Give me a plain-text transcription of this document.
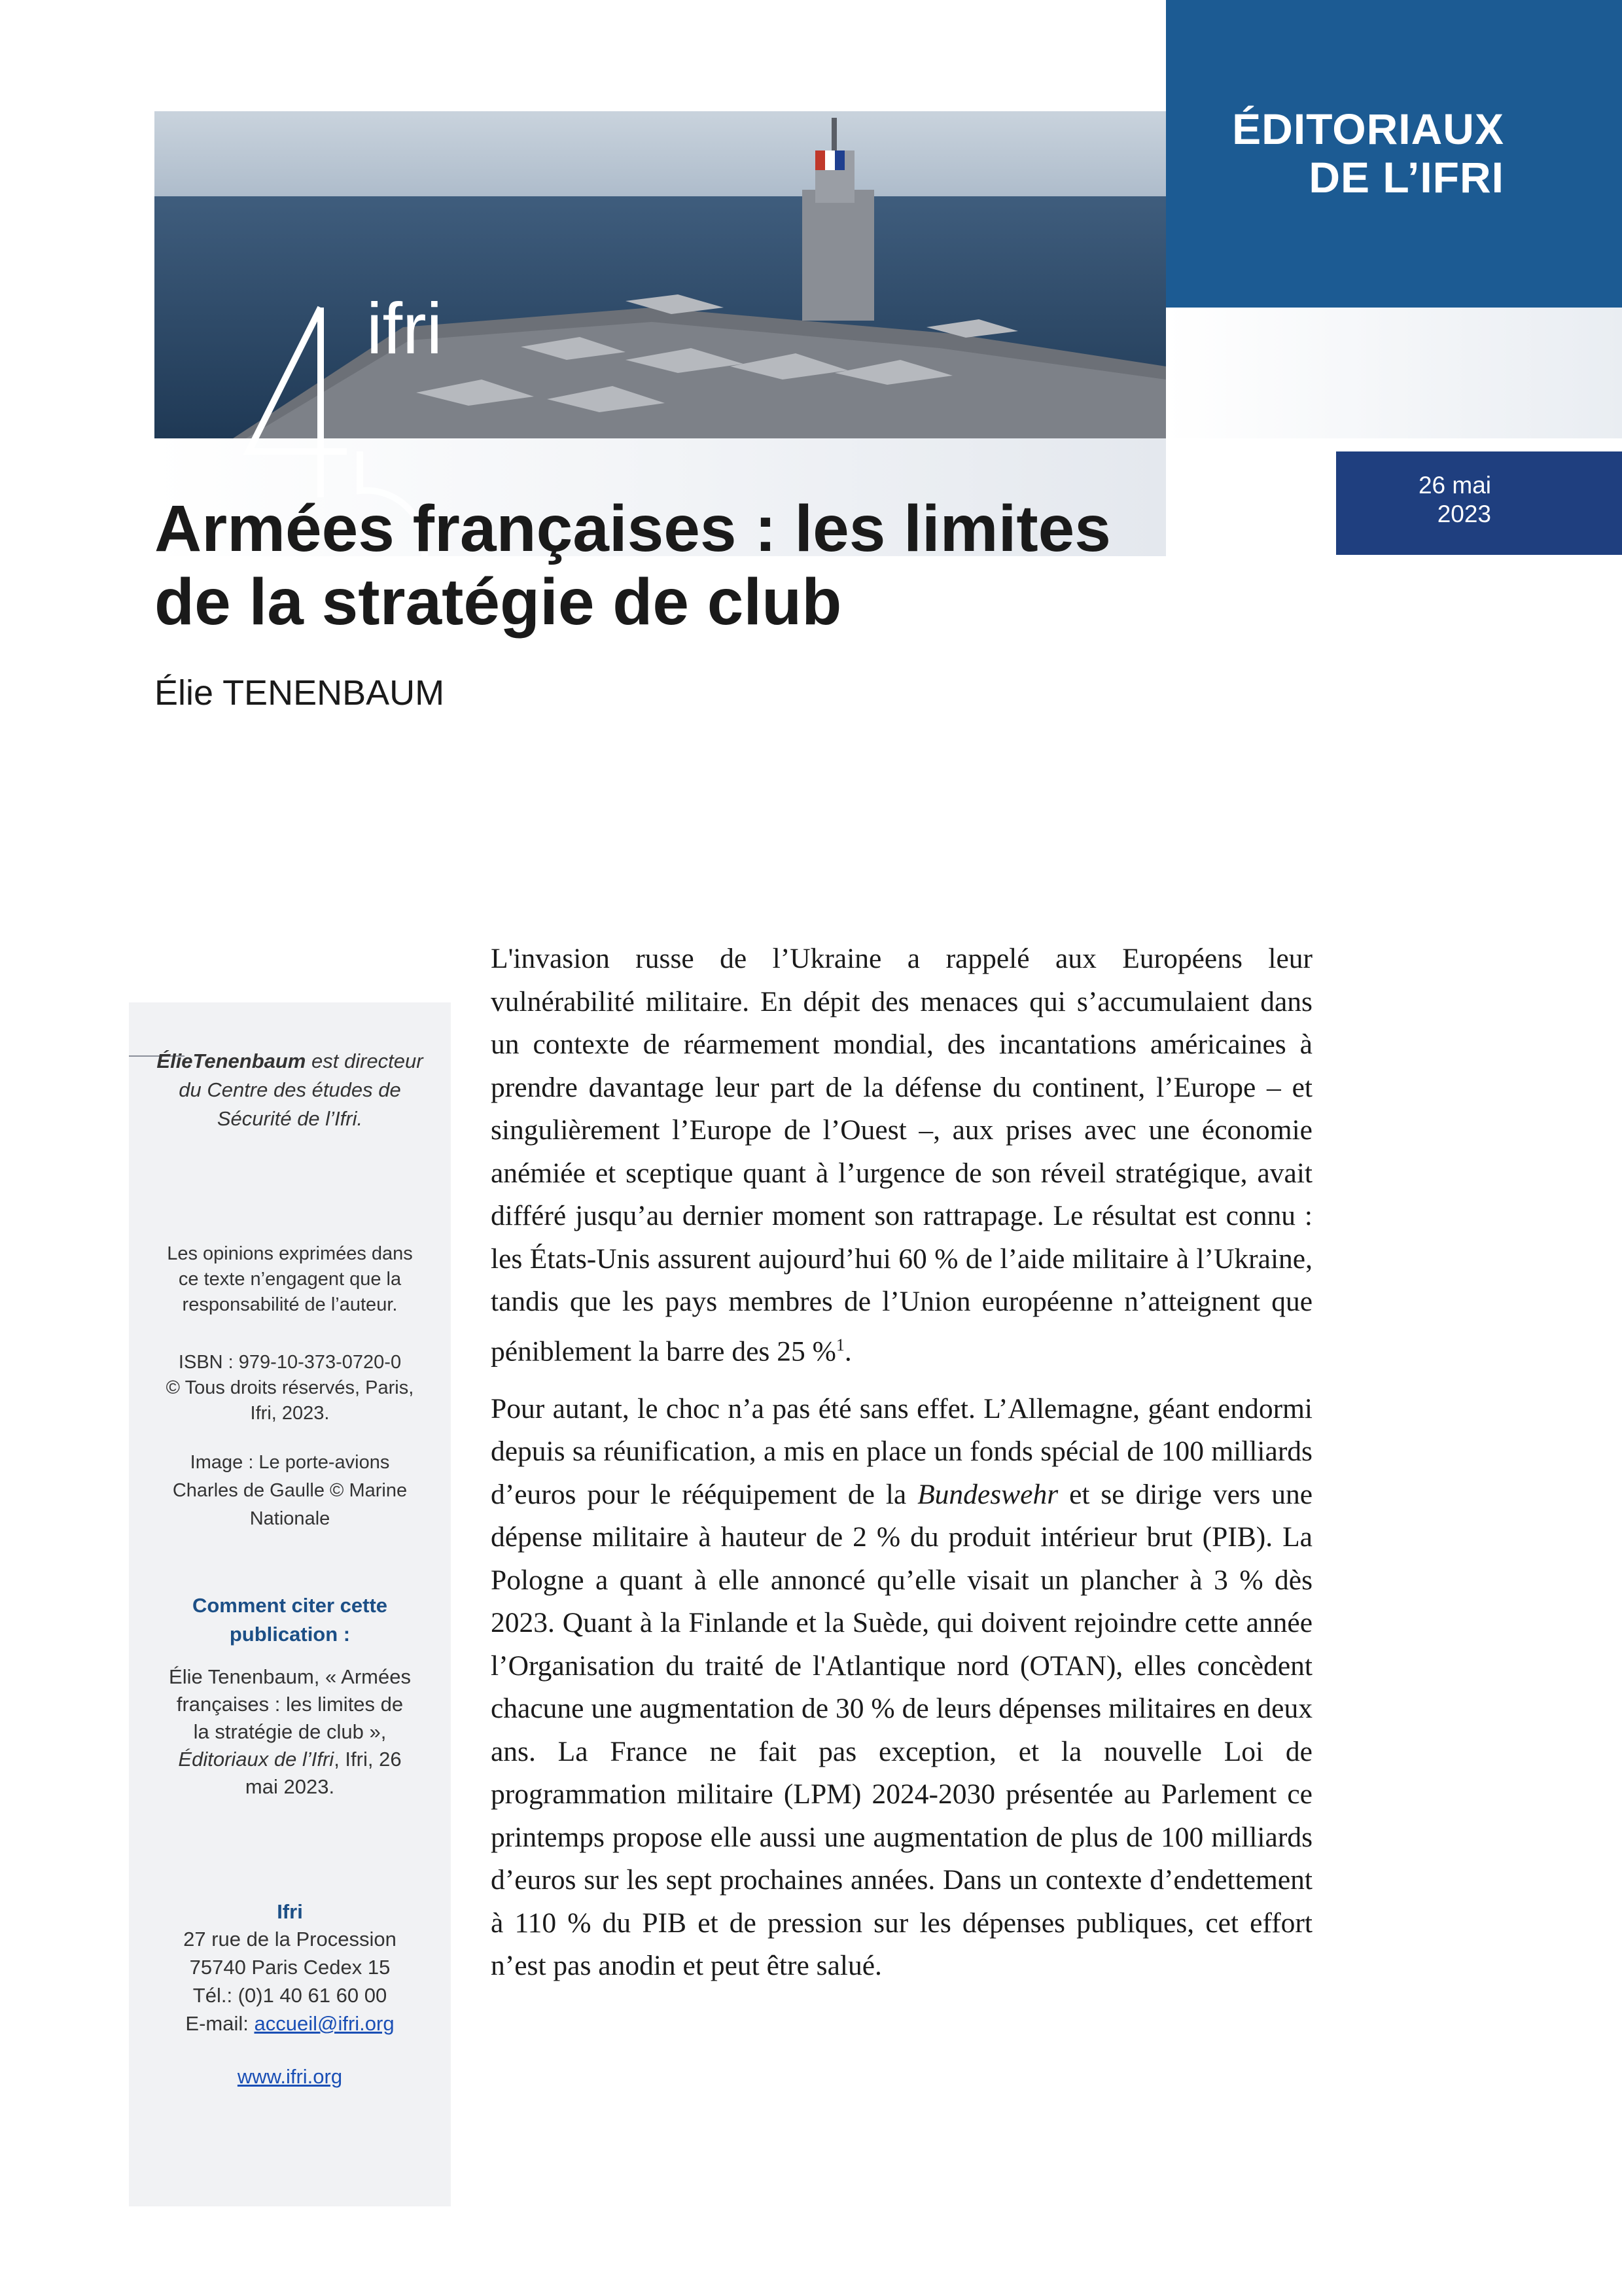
ifri
ÉDITORIAUX
DE L’IFRI
26 mai
2023
Armées françaises : les limites
de la stratégie de club
Élie TENENBAUM
ÉlieTenenbaum est directeur du Centre des études de Sécurité de l’Ifri.
Les opinions exprimées dans ce texte n’engagent que la responsabilité de l’auteur.
ISBN : 979-10-373-0720-0
© Tous droits réservés, Paris, Ifri, 2023.
Image : Le porte-avions Charles de Gaulle © Marine Nationale
Comment citer cette publication :
Élie Tenenbaum, « Armées françaises : les limites de la stratégie de club », Éditoriaux de l’Ifri, Ifri, 26 mai 2023.
Ifri
27 rue de la Procession
75740 Paris Cedex 15
Tél.: (0)1 40 61 60 00
E-mail: accueil@ifri.org
www.ifri.org

L'invasion russe de l’Ukraine a rappelé aux Européens leur vulnérabilité militaire. En dépit des menaces qui s’accumulaient dans un contexte de réarmement mondial, des incantations américaines à prendre davantage leur part de la défense du continent, l’Europe – et singulièrement l’Europe de l’Ouest –, aux prises avec une économie anémiée et sceptique quant à l’urgence de son réveil stratégique, avait différé jusqu’au dernier moment son rattrapage. Le résultat est connu : les États-Unis assurent aujourd’hui 60 % de l’aide militaire à l’Ukraine, tandis que les pays membres de l’Union européenne n’atteignent que péniblement la barre des 25 %$^1$.

Pour autant, le choc n’a pas été sans effet. L’Allemagne, géant endormi depuis sa réunification, a mis en place un fonds spécial de 100 milliards d’euros pour le rééquipement de la Bundeswehr et se dirige vers une dépense militaire à hauteur de 2 % du produit intérieur brut (PIB). La Pologne a quant à elle annoncé qu’elle visait un plancher à 3 % dès 2023. Quant à la Finlande et la Suède, qui doivent rejoindre cette année l’Organisation du traité de l'Atlantique nord (OTAN), elles concèdent chacune une augmentation de 30 % de leurs dépenses militaires en deux ans. La France ne fait pas exception, et la nouvelle Loi de programmation militaire (LPM) 2024-2030 présentée au Parlement ce printemps propose elle aussi une augmentation de plus de 100 milliards d’euros sur les sept prochaines années. Dans un contexte d’endettement à 110 % du PIB et de pression sur les dépenses publiques, cet effort n’est pas anodin et peut être salué.
